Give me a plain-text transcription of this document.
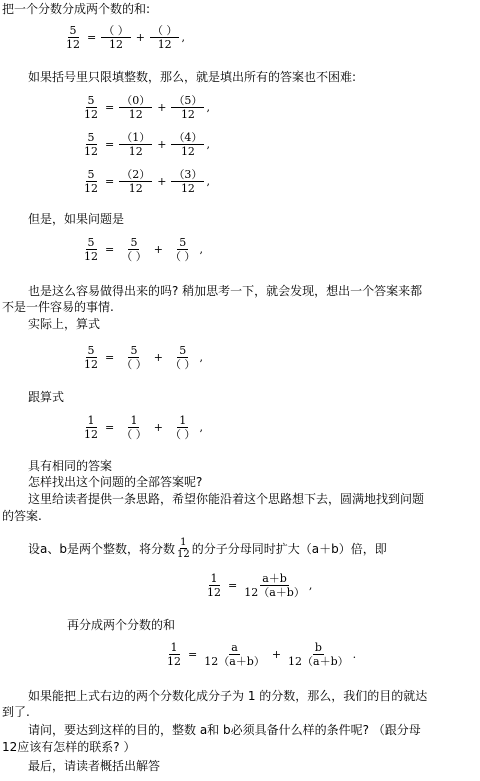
把一个分数分成两个数的和:
$\frac{5}{12} = \frac{( )}{12} + \frac{( )}{12}$ ,
如果括号里只限填整数，那么，就是填出所有的答案也不困难:
$\frac{5}{12} = \frac{(0)}{12} + \frac{(5)}{12}$ ,
$\frac{5}{12} = \frac{(1)}{12} + \frac{(4)}{12}$ ,
$\frac{5}{12} = \frac{(2)}{12} + \frac{(3)}{12}$ ,
但是，如果问题是
$\frac{5}{12} = \frac{5}{( )} + \frac{5}{( )}$ ,
也是这么容易做得出来的吗? 稍加思考一下，就会发现，想出一个答案来都
不是一件容易的事情.
实际上，算式
$\frac{5}{12} = \frac{5}{( )} + \frac{5}{( )}$ ,
跟算式
$\frac{1}{12} = \frac{1}{( )} + \frac{1}{( )}$ ,
具有相同的答案
怎样找出这个问题的全部答案呢?
这里给读者提供一条思路，希望你能沿着这个思路想下去，圆满地找到问题
的答案.
设a、b是两个整数，将分数 $\frac{1}{12}$ 的分子分母同时扩大（a＋b）倍，即
$\frac{1}{12} = \frac{a+b}{12(a+b)}$ ,
再分成两个分数的和
$\frac{1}{12} = \frac{a}{12(a+b)} + \frac{b}{12(a+b)}$ .
如果能把上式右边的两个分数化成分子为 1 的分数，那么，我们的目的就达
到了.
请问，要达到这样的目的，整数 a和 b必须具备什么样的条件呢? （跟分母
12应该有怎样的联系? ）
最后，请读者概括出解答
